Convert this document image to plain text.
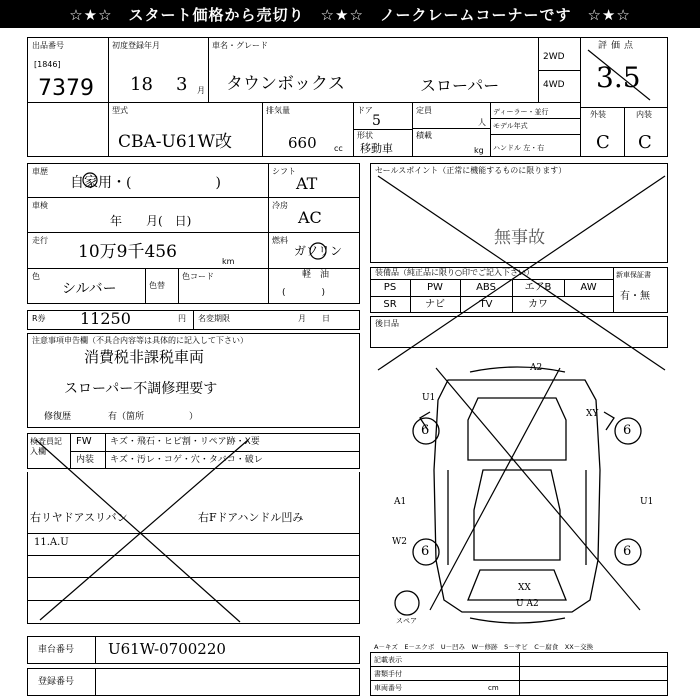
☆★☆　スタート価格から売切り　☆★☆　ノークレームコーナーです　☆★☆
出品番号
[1846]
7379
初度登録年月
18 3 月
車名・グレード
タウンボックス	スローパー
2WD
4WD
評価点
3.5
外装	内装
C C
型式
CBA-U61W改
排気量
660 cc
ドア
5
形状
移動車
定員
人
積載
kg
ディーラー・並行
モデル年式
ハンドル 左・右
車歴
自家用・(　　　　　　)
車検
年　　月(　日)
走行
10万9千456	km
色
シルバー	色替
色コード
シフト
AT
冷房
AC
燃料
ガソリン
軽　油
(　　　　)
R券 11250	円 名変期限	月　　日
注意事項申告欄（不具合内容等は具体的に記入して下さい）
消費税非課税車両
スローパー不調修理要す
修復歴	有（箇所　　　　　）
検査員記入欄
FW キズ・飛石・ヒビ割・リペア跡・X要
内装 キズ・汚レ・コゲ・穴・タバコ・破レ
右リヤドアスリバン	右Fドアハンドル凹み
11.A.U
セールスポイント（正常に機能するものに限ります）
無事故
装備品（純正品に限り○印でご記入下さい）	新車保証書
有・無
PS	PW	ABS	エアB	AW
SR	ナビ	TV	カワ
後日品
A2
U1
XY
A1	U1
W2
XX
U A2
6	6
6	6
スペア
A－キズ　E－エクボ　U－凹み　W－修跡　S－サビ　C－腐食　XX－交換
車台番号 U61W-0700220
登録番号
記載表示
書類手付
車両番号	cm
